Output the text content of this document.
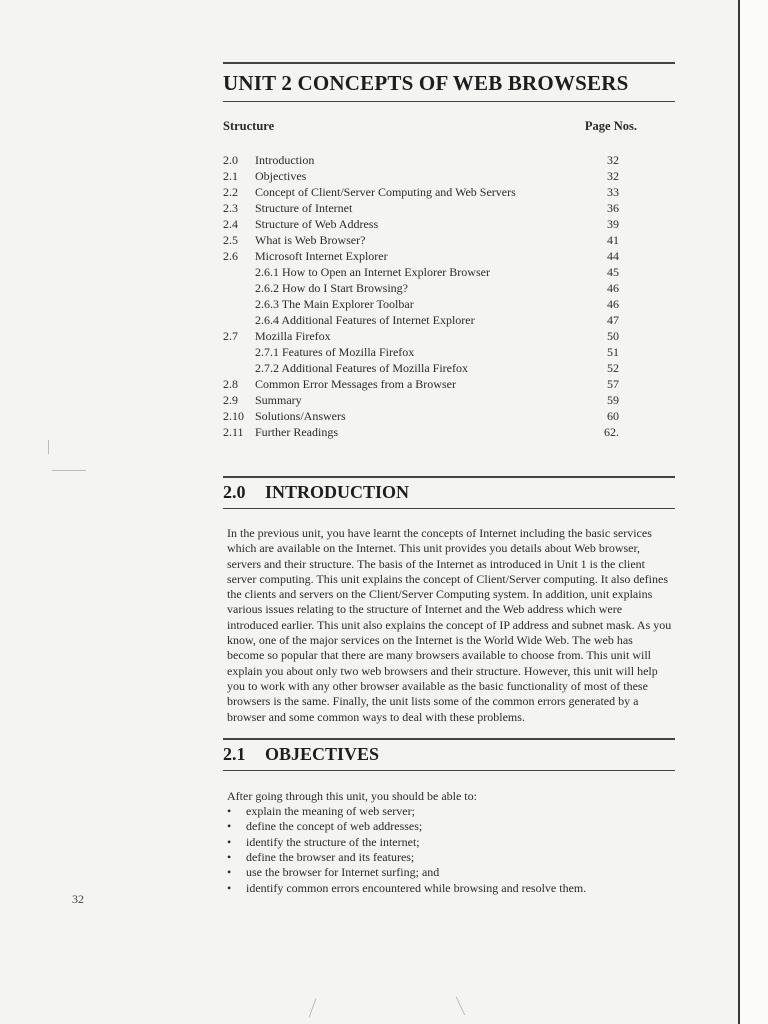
UNIT 2 CONCEPTS OF WEB BROWSERS
Structure	Page Nos.
2.0	Introduction	32
2.1	Objectives	32
2.2	Concept of Client/Server Computing and Web Servers	33
2.3	Structure of Internet	36
2.4	Structure of Web Address	39
2.5	What is Web Browser?	41
2.6	Microsoft Internet Explorer	44
2.6.1 How to Open an Internet Explorer Browser	45
2.6.2 How do I Start Browsing?	46
2.6.3 The Main Explorer Toolbar	46
2.6.4 Additional Features of Internet Explorer	47
2.7	Mozilla Firefox	50
2.7.1 Features of Mozilla Firefox	51
2.7.2 Additional Features of Mozilla Firefox	52
2.8	Common Error Messages from a Browser	57
2.9	Summary	59
2.10 Solutions/Answers	60
2.11 Further Readings	62.
2.0 INTRODUCTION

In the previous unit, you have learnt the concepts of Internet including the basic services which are available on the Internet. This unit provides you details about Web browser, servers and their structure. The basis of the Internet as introduced in Unit 1 is the client server computing. This unit explains the concept of Client/Server computing. It also defines the clients and servers on the Client/Server Computing system. In addition, unit explains various issues relating to the structure of Internet and the Web address which were introduced earlier. This unit also explains the concept of IP address and subnet mask. As you know, one of the major services on the Internet is the World Wide Web. The web has become so popular that there are many browsers available to choose from. This unit will explain you about only two web browsers and their structure. However, this unit will help you to work with any other browser available as the basic functionality of most of these browsers is the same. Finally, the unit lists some of the common errors generated by a browser and some common ways to deal with these problems.

2.1 OBJECTIVES

After going through this unit, you should be able to:

•	explain the meaning of web server;
•	define the concept of web addresses;
•	identify the structure of the internet;
•	define the browser and its features;
•	use the browser for Internet surfing; and
•	identify common errors encountered while browsing and resolve them.
32
